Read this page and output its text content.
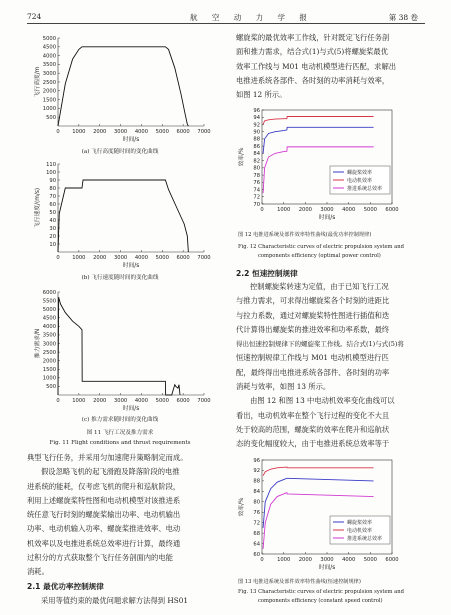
724	航 空 动 力 学 报	第 38 卷
0 1000 2000 3000 4000 5000 6000 7000
500
1000
1500
2000
2500
3000
3500
4000
4500
5000
时间/s
飞行高度/m
(a) 飞行高度随时间的变化曲线
0 1000 2000 3000 4000 5000 6000 7000
10
20
30
40
50
60
70
80
90
100
110
时间/s
飞行速度/(m/s)
(b) 飞行速度随时间的变化曲线
0 1000 2000 3000 4000 5000 6000 7000
500
1000
1500
2000
2500
3000
3500
4000
4500
5000
5500
6000
时间/s
推力需求/N
(c) 推力需求随时间的变化曲线
图 11 飞行工况及推力需求
Fig. 11 Flight conditions and thrust requirements

典型飞行任务，并采用匀加速爬升策略制定而成。

假设忽略飞机的起飞滑跑及降落阶段的电推

进系统的能耗，仅考虑飞机的爬升和巡航阶段，

利用上述螺旋桨特性图和电动机模型对该推进系

统任意飞行时刻的螺旋桨输出功率、电动机输出

功率、电动机输入功率、螺旋桨推进效率、电动

机效率以及电推进系统总效率进行计算，最终通

过积分的方式获取整个飞行任务剖面内的电能

消耗。

2.1 最优功率控制规律
采用等值约束的最优问题求解方法得到 HS01

螺旋桨的最优效率工作线，针对既定飞行任务剖

面和推力需求，结合式(1)与式(5)将螺旋桨最优

效率工作线与 M01 电动机模型进行匹配，求解出

电推进系统各部件、各时刻的功率消耗与效率，

如图 12 所示。

0	1000 2000 3000 4000 5000 6000
70
72
74
76
78
80
82
84
86
88
90
92
94
96
时间/s
效率/%
螺旋桨效率
电动机效率
推进系统总效率
图 12 电推进系统及部件效率特性曲线(最优功率控制规律)
Fig. 12 Characteristic curves of electric propulsion system and
components efficiency (optimal power control)
2.2 恒速控制规律

控制螺旋桨转速为定值，由于已知飞行工况

与推力需求，可求得出螺旋桨各个时刻的进距比

与拉力系数，通过对螺旋桨特性图进行插值和迭

代计算得出螺旋桨的推进效率和功率系数，最终

得出恒速控制规律下的螺旋桨工作线。结合式(1)与式(5)将

恒速控制规律工作线与 M01 电动机模型进行匹

配，最终得出电推进系统各部件、各时刻的功率

消耗与效率，如图 13 所示。

由图 12 和图 13 中电动机效率变化曲线可以

看出，电动机效率在整个飞行过程的变化不大且

处于较高的范围，螺旋桨的效率在爬升和巡航状

态的变化幅度较大，由于电推进系统总效率等于

0	1000 2000 3000 4000 5000 6000
60
64
68
72
76
80
84
88
92
96
时间/s
效率/%
螺旋桨效率
电动机效率
推进系统总效率
图 13 电推进系统及部件效率特性曲线(恒速控制规律)
Fig. 13 Characteristic curves of electric propulsion system and
components efficiency (constant speed control)
